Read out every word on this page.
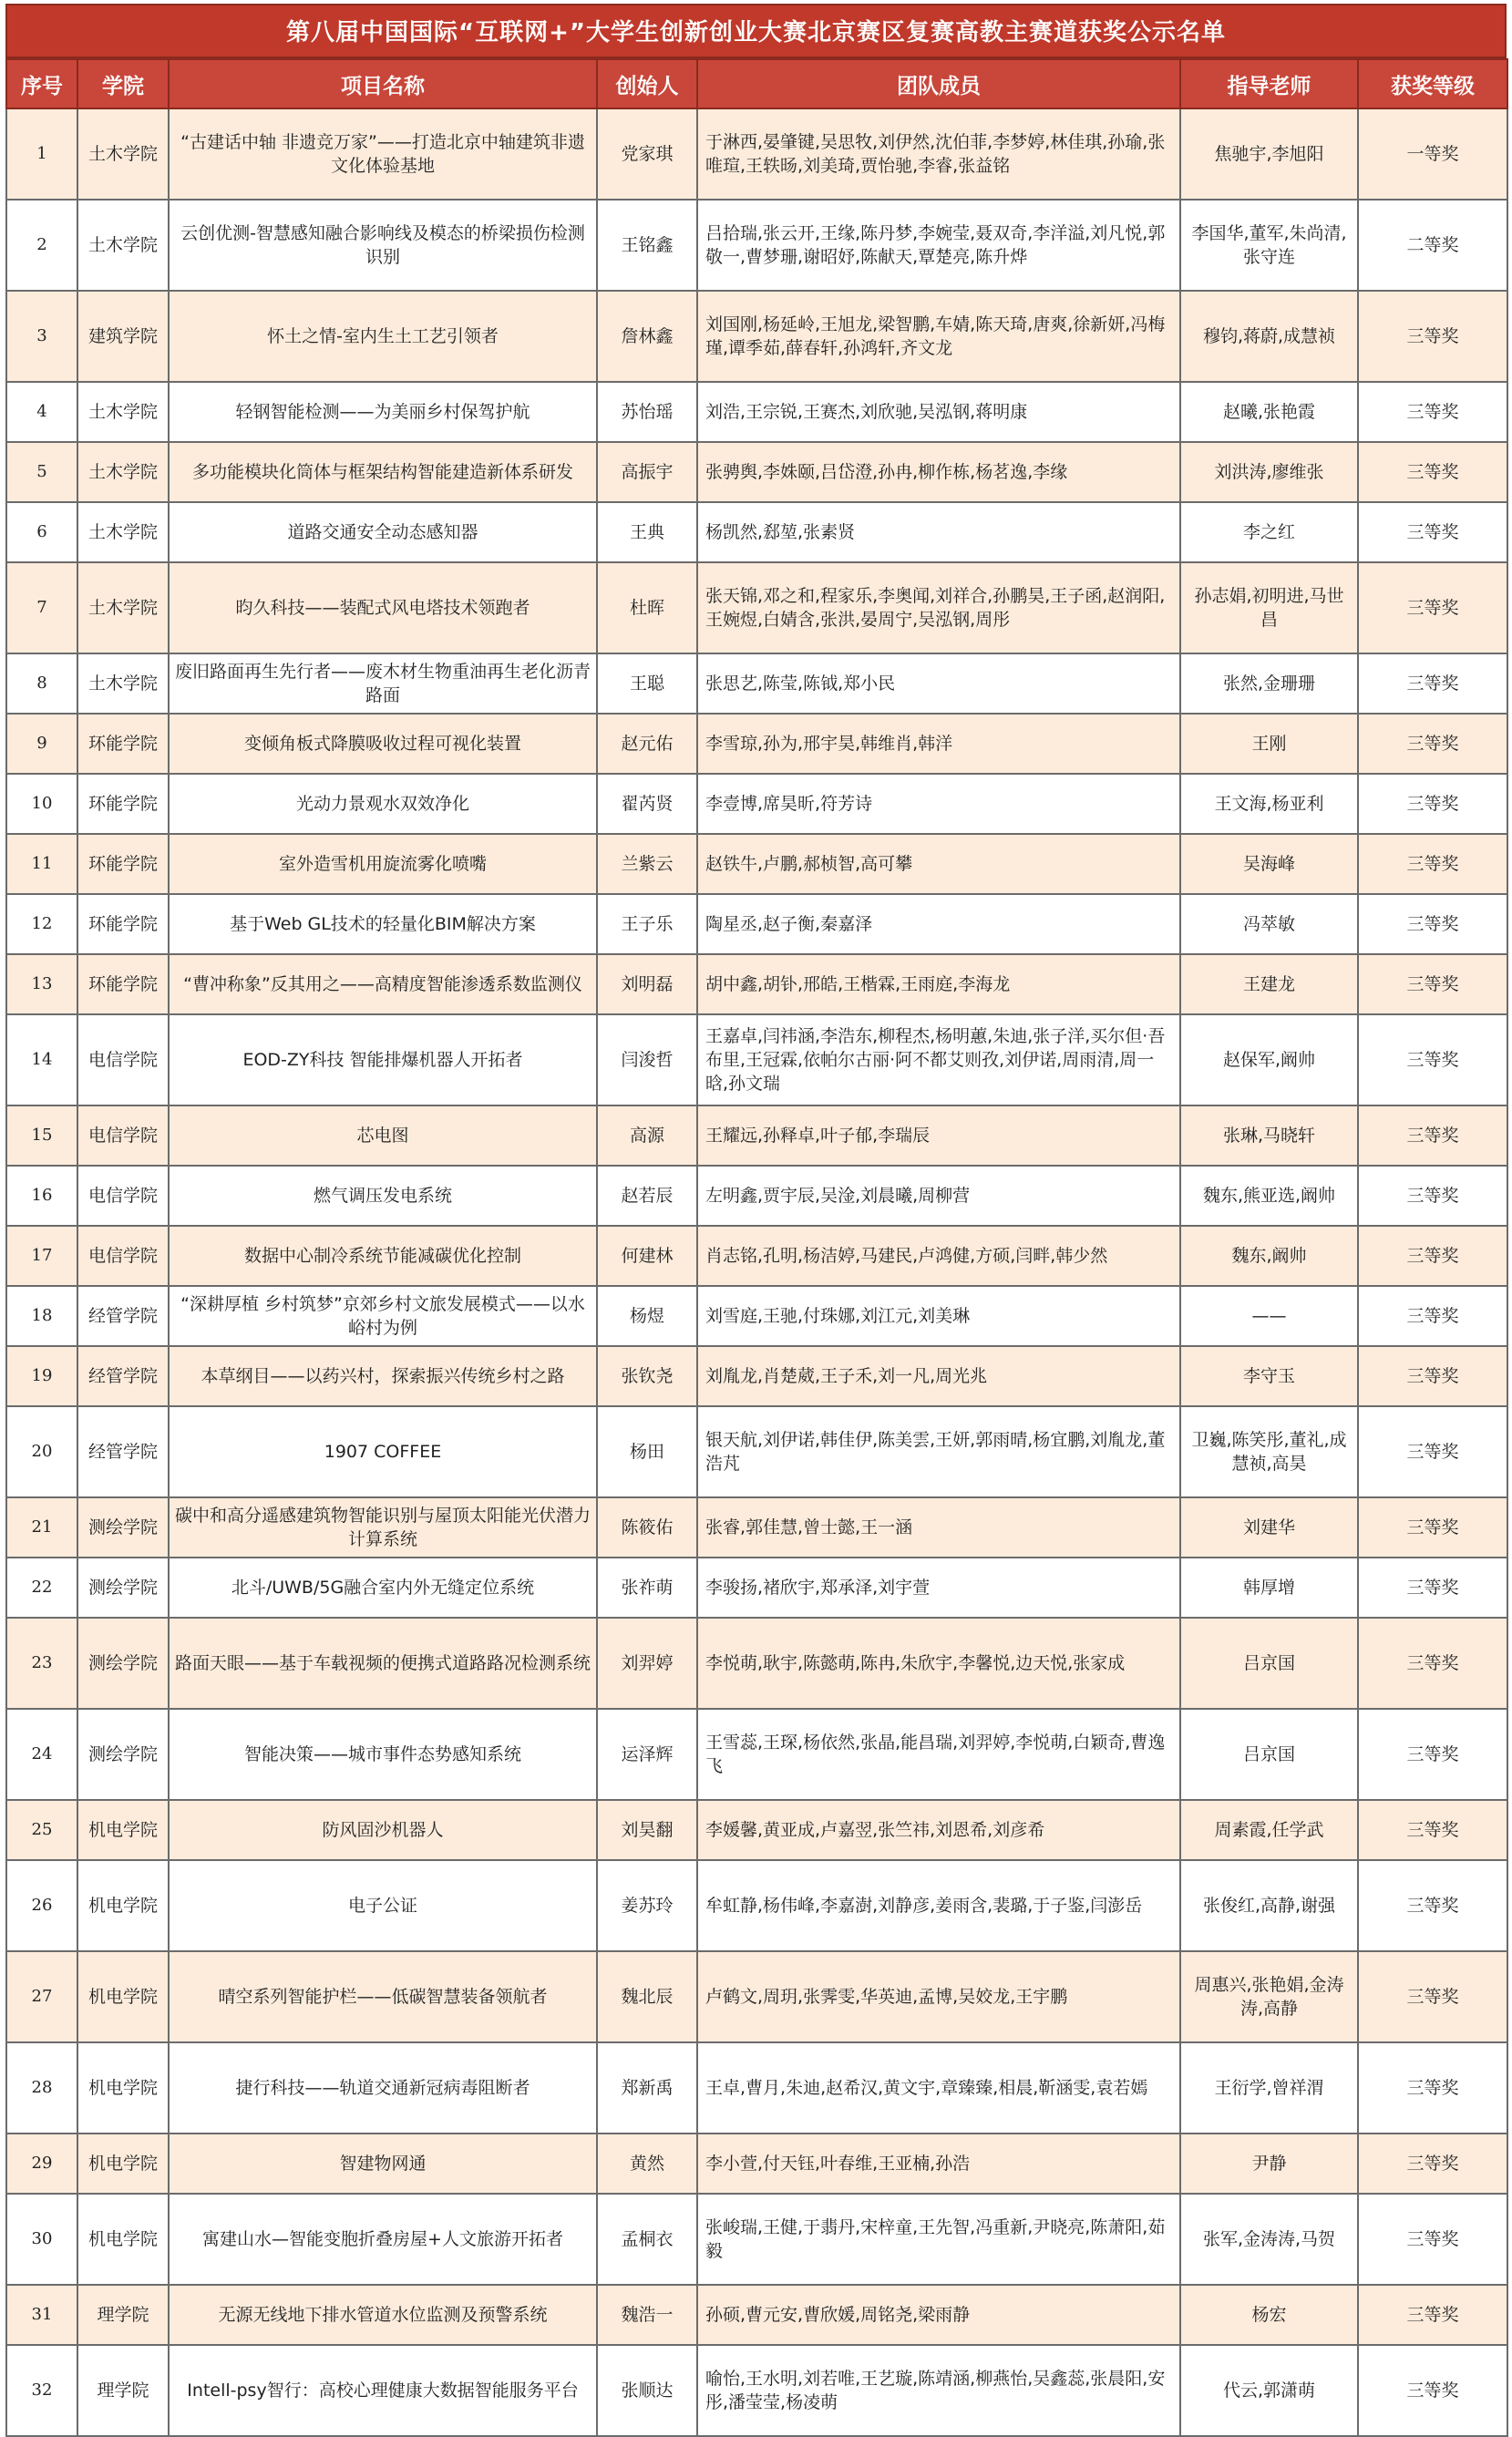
第八届中国国际“互联网+”大学生创新创业大赛北京赛区复赛高教主赛道获奖公示名单
序号	学院	项目名称	创始人	团队成员	指导老师	获奖等级
1	土木学院	“古建话中轴 非遗竞万家”——打造北京中轴建筑非遗文化体验基地	党家琪	于淋西,晏肇键,吴思牧,刘伊然,沈伯菲,李梦婷,林佳琪,孙瑜,张唯瑄,王轶旸,刘美琦,贾怡驰,李睿,张益铭	焦驰宇,李旭阳	一等奖
2	土木学院	云创优测-智慧感知融合影响线及模态的桥梁损伤检测识别	王铭鑫	吕拾瑞,张云开,王缘,陈丹梦,李婉莹,聂双奇,李洋溢,刘凡悦,郭敬一,曹梦珊,谢昭妤,陈献天,覃楚亮,陈升烨	李国华,董军,朱尚清,张守连	二等奖
3	建筑学院	怀土之情-室内生土工艺引领者	詹林鑫	刘国刚,杨延岭,王旭龙,梁智鹏,车婧,陈天琦,唐爽,徐新妍,冯梅瑾,谭季茹,薛春轩,孙鸿轩,齐文龙	穆钧,蒋蔚,成慧祯	三等奖
4	土木学院	轻钢智能检测——为美丽乡村保驾护航	苏怡瑶	刘浩,王宗锐,王赛杰,刘欣驰,吴泓钢,蒋明康	赵曦,张艳霞	三等奖
5	土木学院	多功能模块化筒体与框架结构智能建造新体系研发	高振宇	张骋舆,李姝颐,吕岱澄,孙冉,柳作栋,杨茗逸,李缘	刘洪涛,廖维张	三等奖
6	土木学院	道路交通安全动态感知器	王典	杨凯然,郄堃,张素贤	李之红	三等奖
7	土木学院	昀久科技——装配式风电塔技术领跑者	杜晖	张天锦,邓之和,程家乐,李奥闻,刘祥合,孙鹏昊,王子函,赵润阳,王婉煜,白婧含,张洪,晏周宁,吴泓钢,周彤	孙志娟,初明进,马世昌	三等奖
8	土木学院	废旧路面再生先行者——废木材生物重油再生老化沥青路面	王聪	张思艺,陈莹,陈钺,郑小民	张然,金珊珊	三等奖
9	环能学院	变倾角板式降膜吸收过程可视化装置	赵元佑	李雪琼,孙为,邢宇昊,韩维肖,韩洋	王刚	三等奖
10	环能学院	光动力景观水双效净化	翟芮贤	李壹博,席昊昕,符芳诗	王文海,杨亚利	三等奖
11	环能学院	室外造雪机用旋流雾化喷嘴	兰紫云	赵铁牛,卢鹏,郝桢智,高可攀	吴海峰	三等奖
12	环能学院	基于Web GL技术的轻量化BIM解决方案	王子乐	陶星丞,赵子衡,秦嘉泽	冯萃敏	三等奖
13	环能学院	“曹冲称象”反其用之——高精度智能渗透系数监测仪	刘明磊	胡中鑫,胡钋,邢皓,王楷霖,王雨庭,李海龙	王建龙	三等奖
14	电信学院	EOD-ZY科技 智能排爆机器人开拓者	闫浚哲	王嘉卓,闫祎涵,李浩东,柳程杰,杨明蕙,朱迪,张子洋,买尔但·吾布里,王冠霖,依帕尔古丽·阿不都艾则孜,刘伊诺,周雨清,周一晗,孙文瑞	赵保军,阚帅	三等奖
15	电信学院	芯电图	高源	王耀远,孙释卓,叶子郁,李瑞辰	张琳,马晓轩	三等奖
16	电信学院	燃气调压发电系统	赵若辰	左明鑫,贾宇辰,吴淦,刘晨曦,周柳营	魏东,熊亚选,阚帅	三等奖
17	电信学院	数据中心制冷系统节能减碳优化控制	何建林	肖志铭,孔明,杨洁婷,马建民,卢鸿健,方硕,闫畔,韩少然	魏东,阚帅	三等奖
18	经管学院	“深耕厚植 乡村筑梦”京郊乡村文旅发展模式——以水峪村为例	杨煜	刘雪庭,王驰,付珠娜,刘江元,刘美琳	——	三等奖
19	经管学院	本草纲目——以药兴村，探索振兴传统乡村之路	张钦尧	刘胤龙,肖楚葳,王子禾,刘一凡,周光兆	李守玉	三等奖
20	经管学院	1907 COFFEE	杨田	银天航,刘伊诺,韩佳伊,陈美雲,王妍,郭雨晴,杨宜鹏,刘胤龙,董浩芃	卫巍,陈笑彤,董礼,成慧祯,高昊	三等奖
21	测绘学院	碳中和高分遥感建筑物智能识别与屋顶太阳能光伏潜力计算系统	陈筱佑	张睿,郭佳慧,曾士懿,王一涵	刘建华	三等奖
22	测绘学院	北斗/UWB/5G融合室内外无缝定位系统	张祚萌	李骏扬,褚欣宇,郑承泽,刘宇萱	韩厚增	三等奖
23	测绘学院	路面天眼——基于车载视频的便携式道路路况检测系统	刘羿婷	李悦萌,耿宇,陈懿萌,陈冉,朱欣宇,李馨悦,边天悦,张家成	吕京国	三等奖
24	测绘学院	智能决策——城市事件态势感知系统	运泽辉	王雪蕊,王琛,杨依然,张晶,能昌瑞,刘羿婷,李悦萌,白颖奇,曹逸飞	吕京国	三等奖
25	机电学院	防风固沙机器人	刘昊翻	李媛馨,黄亚成,卢嘉翌,张竺祎,刘恩希,刘彦希	周素霞,任学武	三等奖
26	机电学院	电子公证	姜苏玲	牟虹静,杨伟峰,李嘉澍,刘静彦,姜雨含,裴璐,于子鉴,闫澎岳	张俊红,高静,谢强	三等奖
27	机电学院	晴空系列智能护栏——低碳智慧装备领航者	魏北辰	卢鹤文,周玥,张霁雯,华英迪,孟博,吴姣龙,王宇鹏	周惠兴,张艳娟,金涛涛,高静	三等奖
28	机电学院	捷行科技——轨道交通新冠病毒阻断者	郑新禹	王卓,曹月,朱迪,赵希汉,黄文宇,章臻臻,相晨,靳涵雯,袁若嫣	王衍学,曾祥渭	三等奖
29	机电学院	智建物网通	黄然	李小萱,付天钰,叶春维,王亚楠,孙浩	尹静	三等奖
30	机电学院	寓建山水—智能变胞折叠房屋+人文旅游开拓者	孟桐衣	张峻瑞,王健,于翡丹,宋梓童,王先智,冯重新,尹晓亮,陈萧阳,茹毅	张军,金涛涛,马贺	三等奖
31	理学院	无源无线地下排水管道水位监测及预警系统	魏浩一	孙硕,曹元安,曹欣媛,周铭尧,梁雨静	杨宏	三等奖
32	理学院	Intell-psy智行：高校心理健康大数据智能服务平台	张顺达	喻怡,王水明,刘若唯,王艺璇,陈靖涵,柳燕怡,吴鑫蕊,张晨阳,安彤,潘莹莹,杨凌萌	代云,郭潇萌	三等奖
